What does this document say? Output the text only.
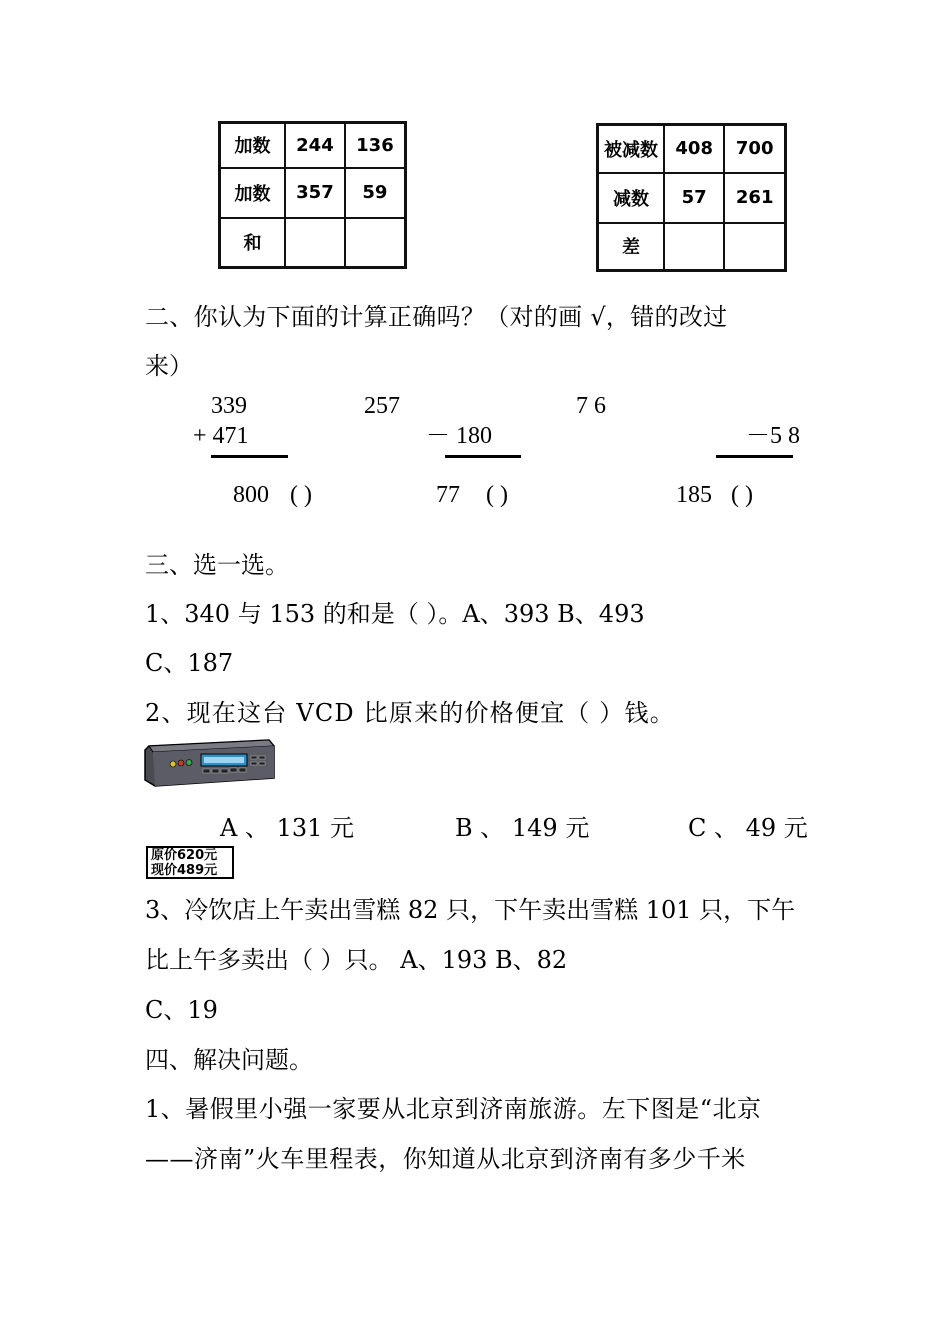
加数	244	136
加数	357	59
和		
被减数	408	700
减数	57	261
差		
二、你认为下面的计算正确吗？（对的画 √，错的改过
来）
339
+ 471
800 ( )
257
－ 180
77 ( )
7 6
－5 8
185 ( )
三、选一选。
1、340 与 153 的和是（ ）。A、393 B、493
C、187
2、现在这台 VCD 比原来的价格便宜（ ）钱。
A 、 131 元	B 、 149 元	C 、 49 元
原价620元
现价489元
3、冷饮店上午卖出雪糕 82 只，下午卖出雪糕 101 只，下午
比上午多卖出（ ）只。 A、193 B、82
C、19
四、解决问题。
1、暑假里小强一家要从北京到济南旅游。左下图是“北京
——济南”火车里程表，你知道从北京到济南有多少千米
